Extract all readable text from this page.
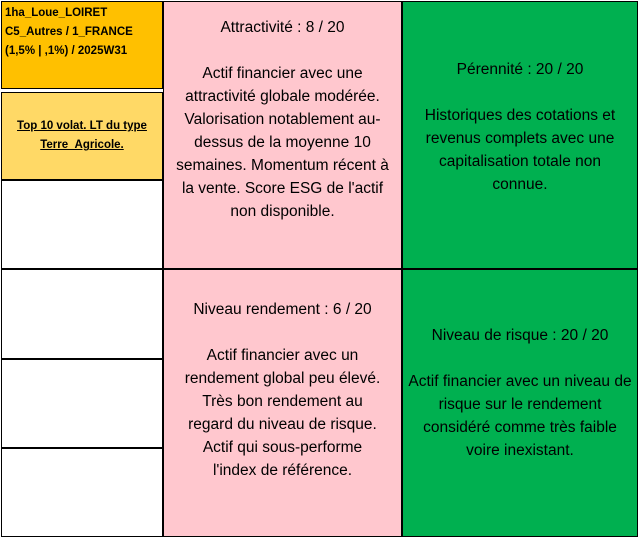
1ha_Loue_LOIRET
C5_Autres / 1_FRANCE
(1,5% | ,1%) / 2025W31
Top 10 volat. LT du type Terre_Agricole.
Attractivité : 8 / 20
Actif financier avec une attractivité globale modérée. Valorisation notablement au-dessus de la moyenne 10 semaines. Momentum récent à la vente. Score ESG de l'actif non disponible.
Pérennité : 20 / 20
Historiques des cotations et revenus complets avec une capitalisation totale non connue.
Niveau rendement : 6 / 20
Actif financier avec un rendement global peu élevé. Très bon rendement au regard du niveau de risque. Actif qui sous-performe l'index de référence.
Niveau de risque : 20 / 20
Actif financier avec un niveau de risque sur le rendement considéré comme très faible voire inexistant.
